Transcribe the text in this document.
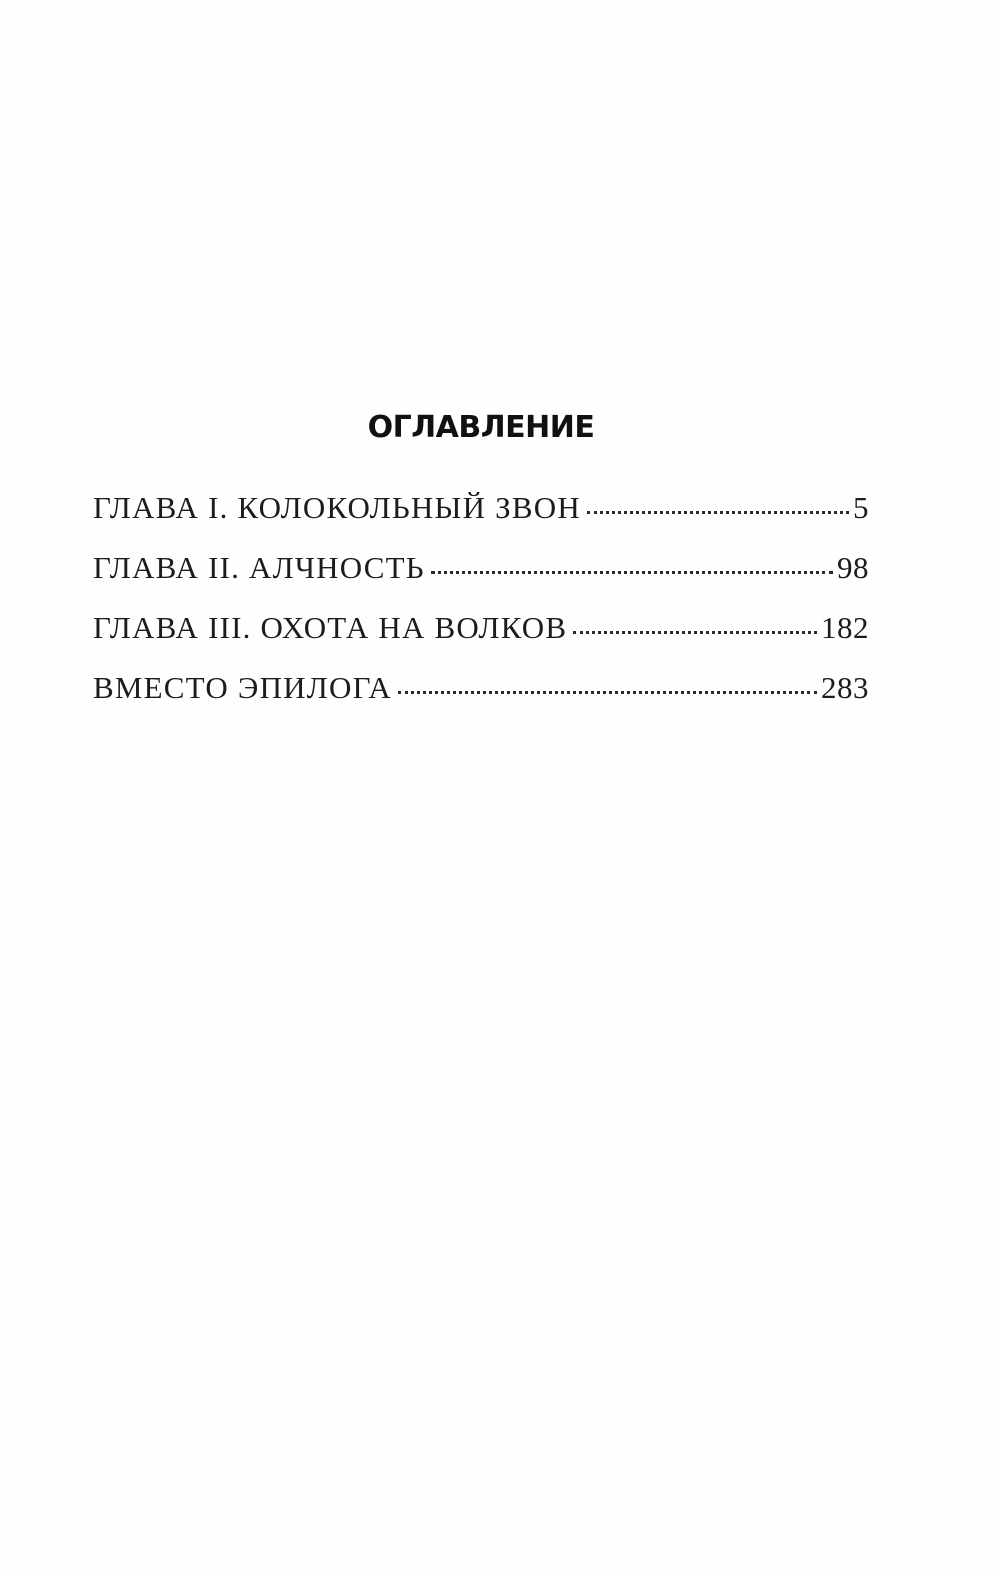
ОГЛАВЛЕНИЕ
ГЛАВА I. КОЛОКОЛЬНЫЙ ЗВОН	5
ГЛАВА II. АЛЧНОСТЬ	98
ГЛАВА III. ОХОТА НА ВОЛКОВ	182
ВМЕСТО ЭПИЛОГА	283
